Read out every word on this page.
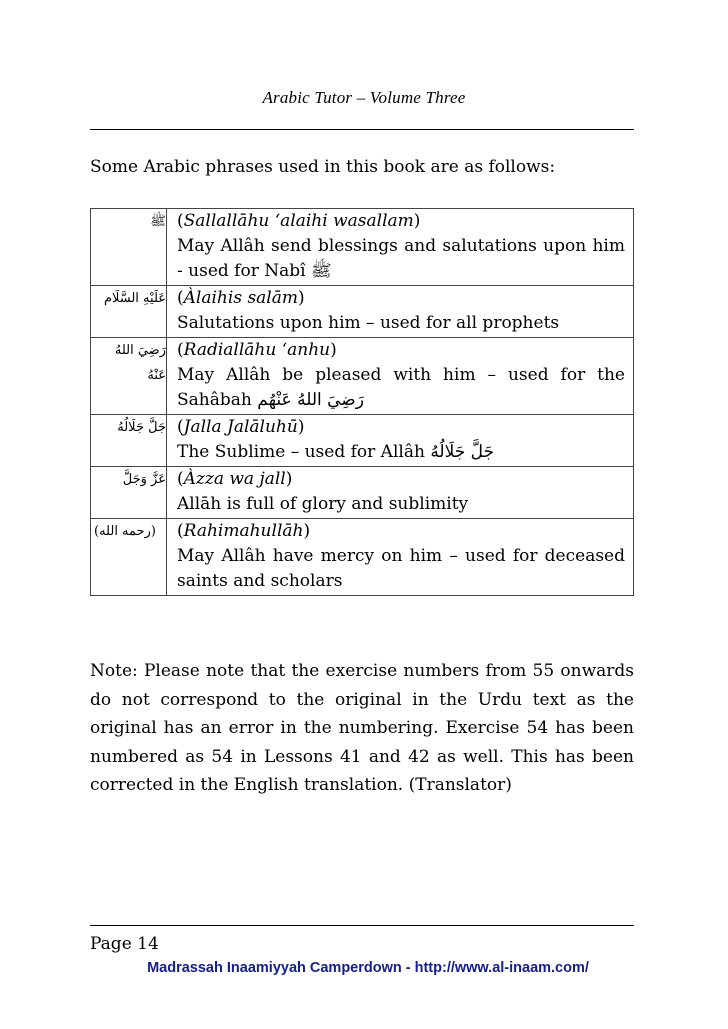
Arabic Tutor – Volume Three
Some Arabic phrases used in this book are as follows:
ﷺ	(Sallallāhu ‘alaihi wasallam)
May Allâh send blessings and salutations upon him - used for Nabî ﷺ

عَلَيْهِ السَّلَام	(Àlaihis salām)
Salutations upon him – used for all prophets

رَضِيَ اللهُ عَنْهُ	(Radiallāhu ‘anhu)
May Allâh be pleased with him – used for the Sahâbah رَضِيَ اللهُ عَنْهُم

جَلَّ جَلَالُهُ	(Jalla Jalāluhū)
The Sublime – used for Allâh جَلَّ جَلَالُهُ

عَزَّ وَجَلَّ	(Àzza wa jall)
Allāh is full of glory and sublimity

(رحمه الله)	(Rahimahullāh)
May Allâh have mercy on him – used for deceased saints and scholars
Note: Please note that the exercise numbers from 55 onwards do not correspond to the original in the Urdu text as the original has an error in the numbering. Exercise 54 has been numbered as 54 in Lessons 41 and 42 as well. This has been corrected in the English translation. (Translator)
Page 14
Madrassah Inaamiyyah Camperdown - http://www.al-inaam.com/
